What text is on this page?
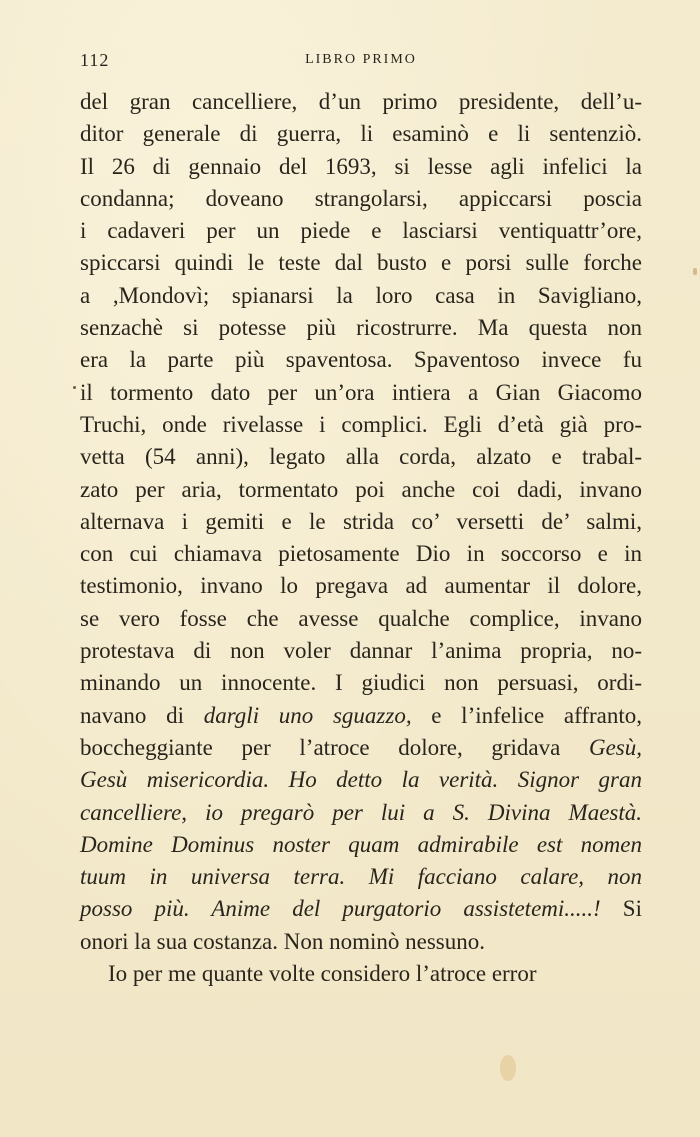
112	LIBRO PRIMO
del gran cancelliere, d’un primo presidente, dell’u-
ditor generale di guerra, li esaminò e li sentenziò.
Il 26 di gennaio del 1693, si lesse agli infelici la
condanna; doveano strangolarsi, appiccarsi poscia
i cadaveri per un piede e lasciarsi ventiquattr’ore,
spiccarsi quindi le teste dal busto e porsi sulle forche
a ,Mondovì; spianarsi la loro casa in Savigliano,
senzachè si potesse più ricostrurre. Ma questa non
era la parte più spaventosa. Spaventoso invece fu
il tormento dato per un’ora intiera a Gian Giacomo
Truchi, onde rivelasse i complici. Egli d’età già pro-
vetta (54 anni), legato alla corda, alzato e trabal-
zato per aria, tormentato poi anche coi dadi, invano
alternava i gemiti e le strida co’ versetti de’ salmi,
con cui chiamava pietosamente Dio in soccorso e in
testimonio, invano lo pregava ad aumentar il dolore,
se vero fosse che avesse qualche complice, invano
protestava di non voler dannar l’anima propria, no-
minando un innocente. I giudici non persuasi, ordi-
navano di dargli uno sguazzo, e l’infelice affranto,
boccheggiante per l’atroce dolore, gridava Gesù,
Gesù misericordia. Ho detto la verità. Signor gran
cancelliere, io pregarò per lui a S. Divina Maestà.
Domine Dominus noster quam admirabile est nomen
tuum in universa terra. Mi facciano calare, non
posso più. Anime del purgatorio assistetemi.....! Si
onori la sua costanza. Non nominò nessuno.
Io per me quante volte considero l’atroce error
